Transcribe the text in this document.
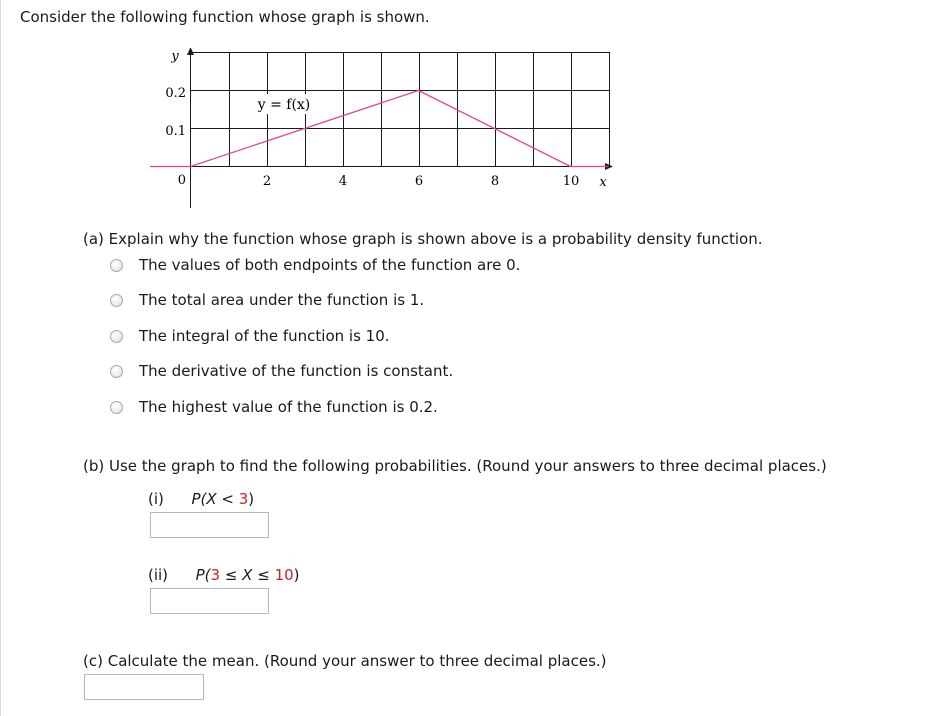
Consider the following function whose graph is shown.
y
x
0.2
0.1
0	2	4	6	8	10
y = f(x)
(a) Explain why the function whose graph is shown above is a probability density function.
The values of both endpoints of the function are 0.
The total area under the function is 1.
The integral of the function is 10.
The derivative of the function is constant.
The highest value of the function is 0.2.
(b) Use the graph to find the following probabilities. (Round your answers to three decimal places.)
(i) P(X < 3)
(ii) P(3 ≤ X ≤ 10)
(c) Calculate the mean. (Round your answer to three decimal places.)
